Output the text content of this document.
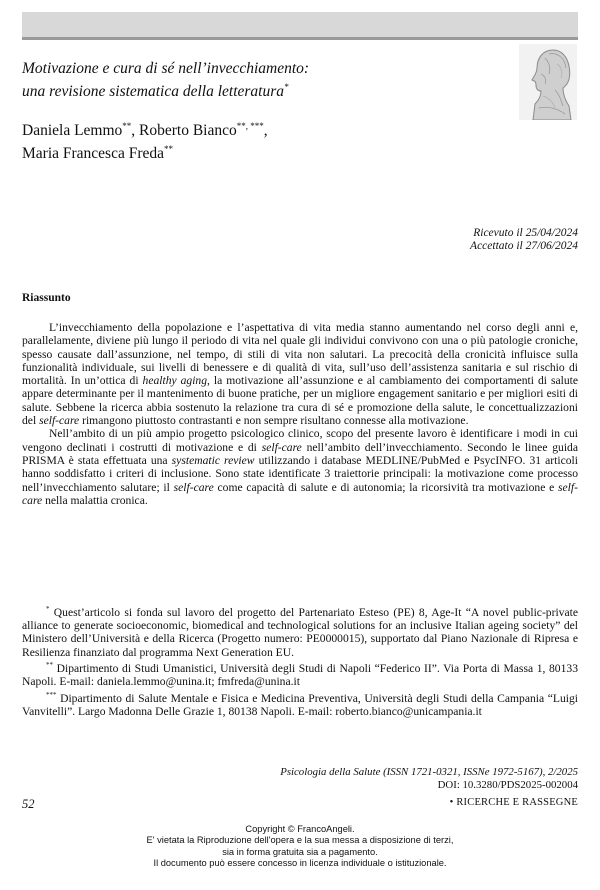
Motivazione e cura di sé nell’invecchiamento:
una revisione sistematica della letteratura*
Daniela Lemmo**, Roberto Bianco**, ***,
Maria Francesca Freda**
Ricevuto il 25/04/2024
Accettato il 27/06/2024
Riassunto

L’invecchiamento della popolazione e l’aspettativa di vita media stanno aumentando nel corso degli anni e, parallelamente, diviene più lungo il periodo di vita nel quale gli individui convivono con una o più patologie croniche, spesso causate dall’assunzione, nel tempo, di stili di vita non salutari. La precocità della cronicità influisce sulla funzionalità individuale, sui livelli di benessere e di qualità di vita, sull’uso dell’assistenza sanitaria e sul rischio di mortalità. In un’ottica di healthy aging, la motivazione all’assunzione e al cambiamento dei comportamenti di salute appare determinante per il mantenimento di buone pratiche, per un migliore engagement sanitario e per migliori esiti di salute. Sebbene la ricerca abbia sostenuto la relazione tra cura di sé e promozione della salute, le concettualizzazioni del self-care rimangono piuttosto contrastanti e non sempre risultano connesse alla motivazione.

Nell’ambito di un più ampio progetto psicologico clinico, scopo del presente lavoro è identificare i modi in cui vengono declinati i costrutti di motivazione e di self-care nell’ambito dell’invecchiamento. Secondo le linee guida PRISMA è stata effettuata una systematic review utilizzando i database MEDLINE/PubMed e PsycINFO. 31 articoli hanno soddisfatto i criteri di inclusione. Sono state identificate 3 traiettorie principali: la motivazione come processo nell’invecchiamento salutare; il self-care come capacità di salute e di autonomia; la ricorsività tra motivazione e self-care nella malattia cronica.

* Quest’articolo si fonda sul lavoro del progetto del Partenariato Esteso (PE) 8, Age-It “A novel public-private alliance to generate socioeconomic, biomedical and technological solutions for an inclusive Italian ageing society” del Ministero dell’Università e della Ricerca (Progetto numero: PE0000015), supportato dal Piano Nazionale di Ripresa e Resilienza finanziato dal programma Next Generation EU.

** Dipartimento di Studi Umanistici, Università degli Studi di Napoli “Federico II”. Via Porta di Massa 1, 80133 Napoli. E-mail: daniela.lemmo@unina.it; fmfreda@unina.it

*** Dipartimento di Salute Mentale e Fisica e Medicina Preventiva, Università degli Studi della Campania “Luigi Vanvitelli”. Largo Madonna Delle Grazie 1, 80138 Napoli. E-mail: roberto.bianco@unicampania.it

Psicologia della Salute (ISSN 1721-0321, ISSNe 1972-5167), 2/2025
DOI: 10.3280/PDS2025-002004
52	• RICERCHE E RASSEGNE
Copyright © FrancoAngeli.
E' vietata la Riproduzione dell'opera e la sua messa a disposizione di terzi,
sia in forma gratuita sia a pagamento.
Il documento può essere concesso in licenza individuale o istituzionale.
